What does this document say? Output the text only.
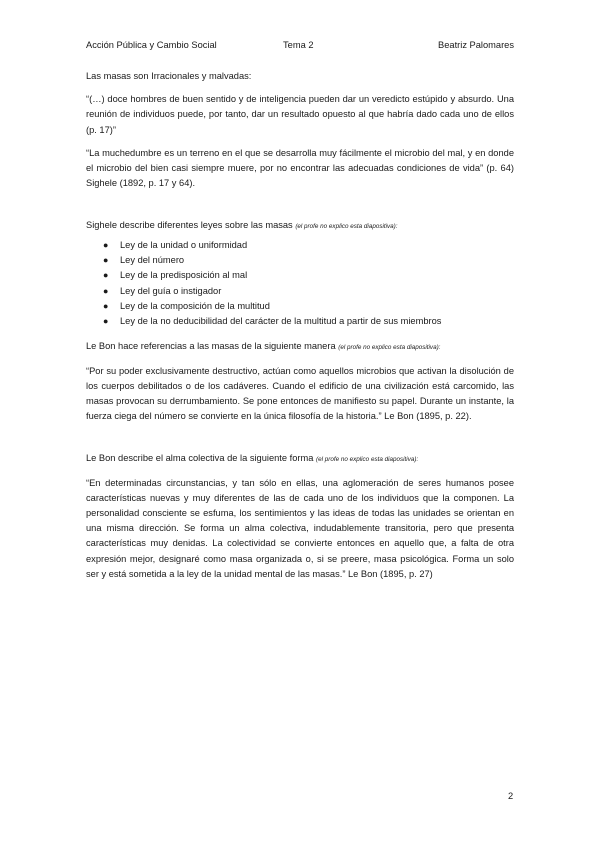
Acción Pública y Cambio Social	Tema 2	Beatriz Palomares

Las masas son Irracionales y malvadas:

“(…) doce hombres de buen sentido y de inteligencia pueden dar un veredicto estúpido y absurdo. Una reunión de individuos puede, por tanto, dar un resultado opuesto al que habría dado cada uno de ellos (p. 17)”

“La muchedumbre es un terreno en el que se desarrolla muy fácilmente el microbio del mal, y en donde el microbio del bien casi siempre muere, por no encontrar las adecuadas condiciones de vida” (p. 64) Sighele (1892, p. 17 y 64).

Sighele describe diferentes leyes sobre las masas (el profe no explico esta diapositiva):

● Ley de la unidad o uniformidad
● Ley del número
● Ley de la predisposición al mal
● Ley del guía o instigador
● Ley de la composición de la multitud
● Ley de la no deducibilidad del carácter de la multitud a partir de sus miembros

Le Bon hace referencias a las masas de la siguiente manera (el profe no explico esta diapositiva):

“Por su poder exclusivamente destructivo, actúan como aquellos microbios que activan la disolución de los cuerpos debilitados o de los cadáveres. Cuando el edificio de una civilización está carcomido, las masas provocan su derrumbamiento. Se pone entonces de manifiesto su papel. Durante un instante, la fuerza ciega del número se convierte en la única filosofía de la historia.” Le Bon (1895, p. 22).

Le Bon describe el alma colectiva de la siguiente forma (el profe no explico esta diapositiva):

“En determinadas circunstancias, y tan sólo en ellas, una aglomeración de seres humanos posee características nuevas y muy diferentes de las de cada uno de los individuos que la componen. La personalidad consciente se esfuma, los sentimientos y las ideas de todas las unidades se orientan en una misma dirección. Se forma un alma colectiva, indudablemente transitoria, pero que presenta características muy denidas. La colectividad se convierte entonces en aquello que, a falta de otra expresión mejor, designaré como masa organizada o, si se preere, masa psicológica. Forma un solo ser y está sometida a la ley de la unidad mental de las masas.” Le Bon (1895, p. 27)

2
